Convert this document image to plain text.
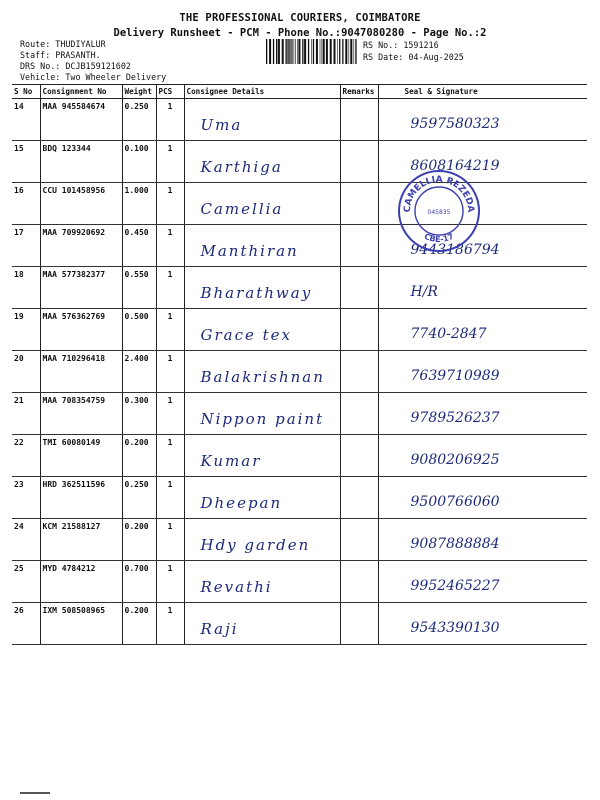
THE PROFESSIONAL COURIERS, COIMBATORE
Delivery Runsheet - PCM - Phone No.:9047080280 - Page No.:2
Route: THUDIYALUR
Staff: PRASANTH.
DRS No.: DCJB159121602
Vehicle: Two Wheeler Delivery
RS No.: 1591216
RS Date: 04-Aug-2025
S No	Consignment No	Weight	PCS	Consignee Details	Remarks	Seal & Signature
14	MAA 945584674	0.250	1	Uma		9597580323

15	BDQ 123344	0.100	1	Karthiga		8608164219

16	CCU 101458956	1.000	1	Camellia		

17	MAA 709920692	0.450	1	Manthiran		9443186794

18	MAA 577382377	0.550	1	Bharathway		H/R

19	MAA 576362769	0.500	1	Grace tex		7740-2847

20	MAA 710296418	2.400	1	Balakrishnan		7639710989

21	MAA 708354759	0.300	1	Nippon paint		9789526237

22	TMI 60080149	0.200	1	Kumar		9080206925

23	HRD 362511596	0.250	1	Dheepan		9500766060

24	KCM 21588127	0.200	1	Hdy garden		9087888884

25	MYD 4784212	0.700	1	Revathi		9952465227

26	IXM 508508965	0.200	1	Raji		9543390130
CAMELLIA REZEDA
CBE-17
045835
